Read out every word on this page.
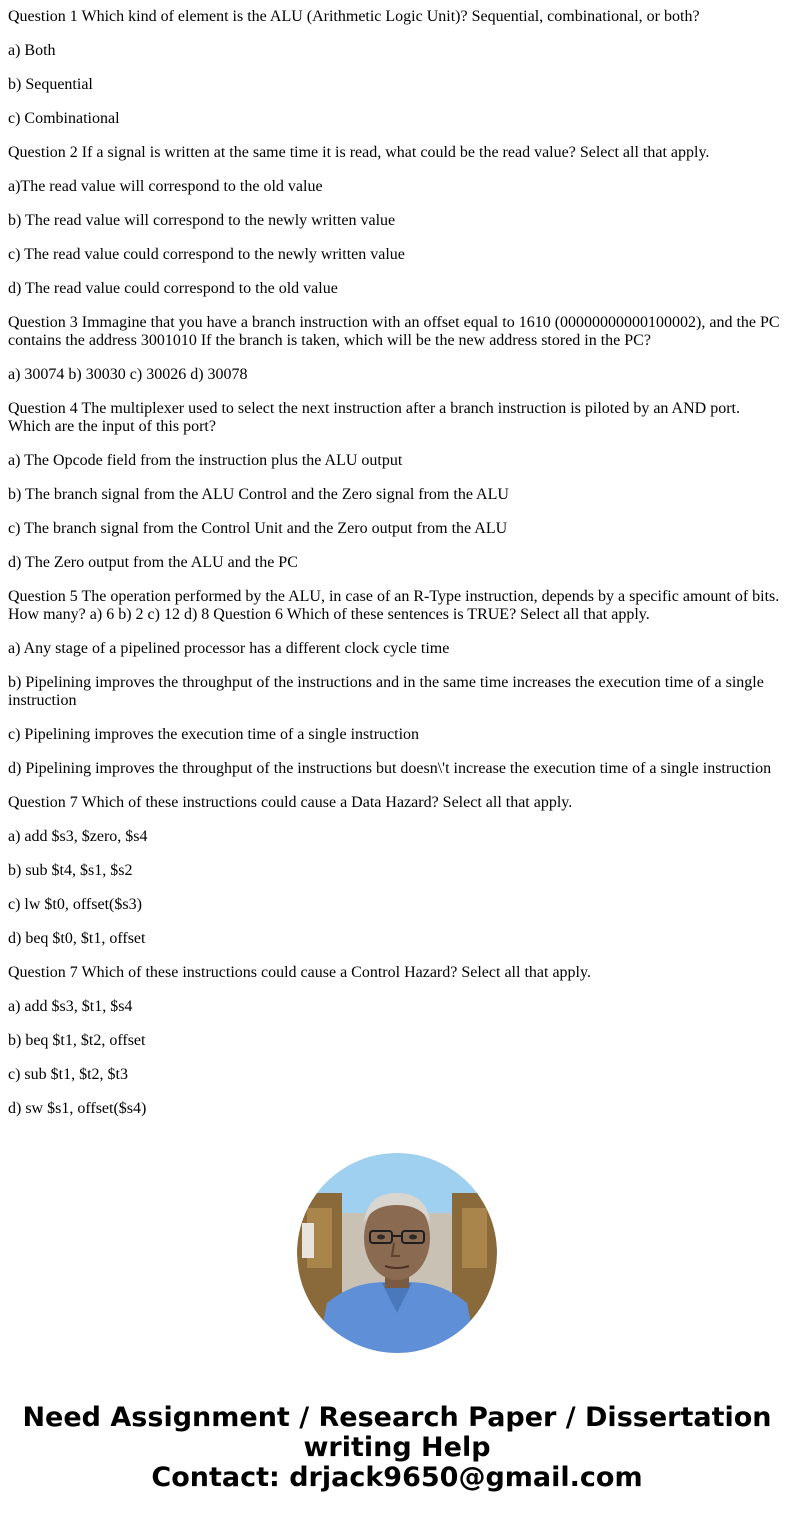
Question 1 Which kind of element is the ALU (Arithmetic Logic Unit)? Sequential, combinational, or both?

a) Both

b) Sequential

c) Combinational

Question 2 If a signal is written at the same time it is read, what could be the read value? Select all that apply.

a)The read value will correspond to the old value

b) The read value will correspond to the newly written value

c) The read value could correspond to the newly written value

d) The read value could correspond to the old value

Question 3 Immagine that you have a branch instruction with an offset equal to 1610 (00000000000100002), and the PC contains the address 3001010 If the branch is taken, which will be the new address stored in the PC?

a) 30074 b) 30030 c) 30026 d) 30078

Question 4 The multiplexer used to select the next instruction after a branch instruction is piloted by an AND port. Which are the input of this port?

a) The Opcode field from the instruction plus the ALU output

b) The branch signal from the ALU Control and the Zero signal from the ALU

c) The branch signal from the Control Unit and the Zero output from the ALU

d) The Zero output from the ALU and the PC

Question 5 The operation performed by the ALU, in case of an R-Type instruction, depends by a specific amount of bits. How many? a) 6 b) 2 c) 12 d) 8 Question 6 Which of these sentences is TRUE? Select all that apply.

a) Any stage of a pipelined processor has a different clock cycle time

b) Pipelining improves the throughput of the instructions and in the same time increases the execution time of a single instruction

c) Pipelining improves the execution time of a single instruction

d) Pipelining improves the throughput of the instructions but doesn\'t increase the execution time of a single instruction

Question 7 Which of these instructions could cause a Data Hazard? Select all that apply.

a) add $s3, $zero, $s4

b) sub $t4, $s1, $s2

c) lw $t0, offset($s3)

d) beq $t0, $t1, offset

Question 7 Which of these instructions could cause a Control Hazard? Select all that apply.

a) add $s3, $t1, $s4

b) beq $t1, $t2, offset

c) sub $t1, $t2, $t3

d) sw $s1, offset($s4)

Need Assignment / Research Paper / Dissertation
writing Help
Contact: drjack9650@gmail.com
